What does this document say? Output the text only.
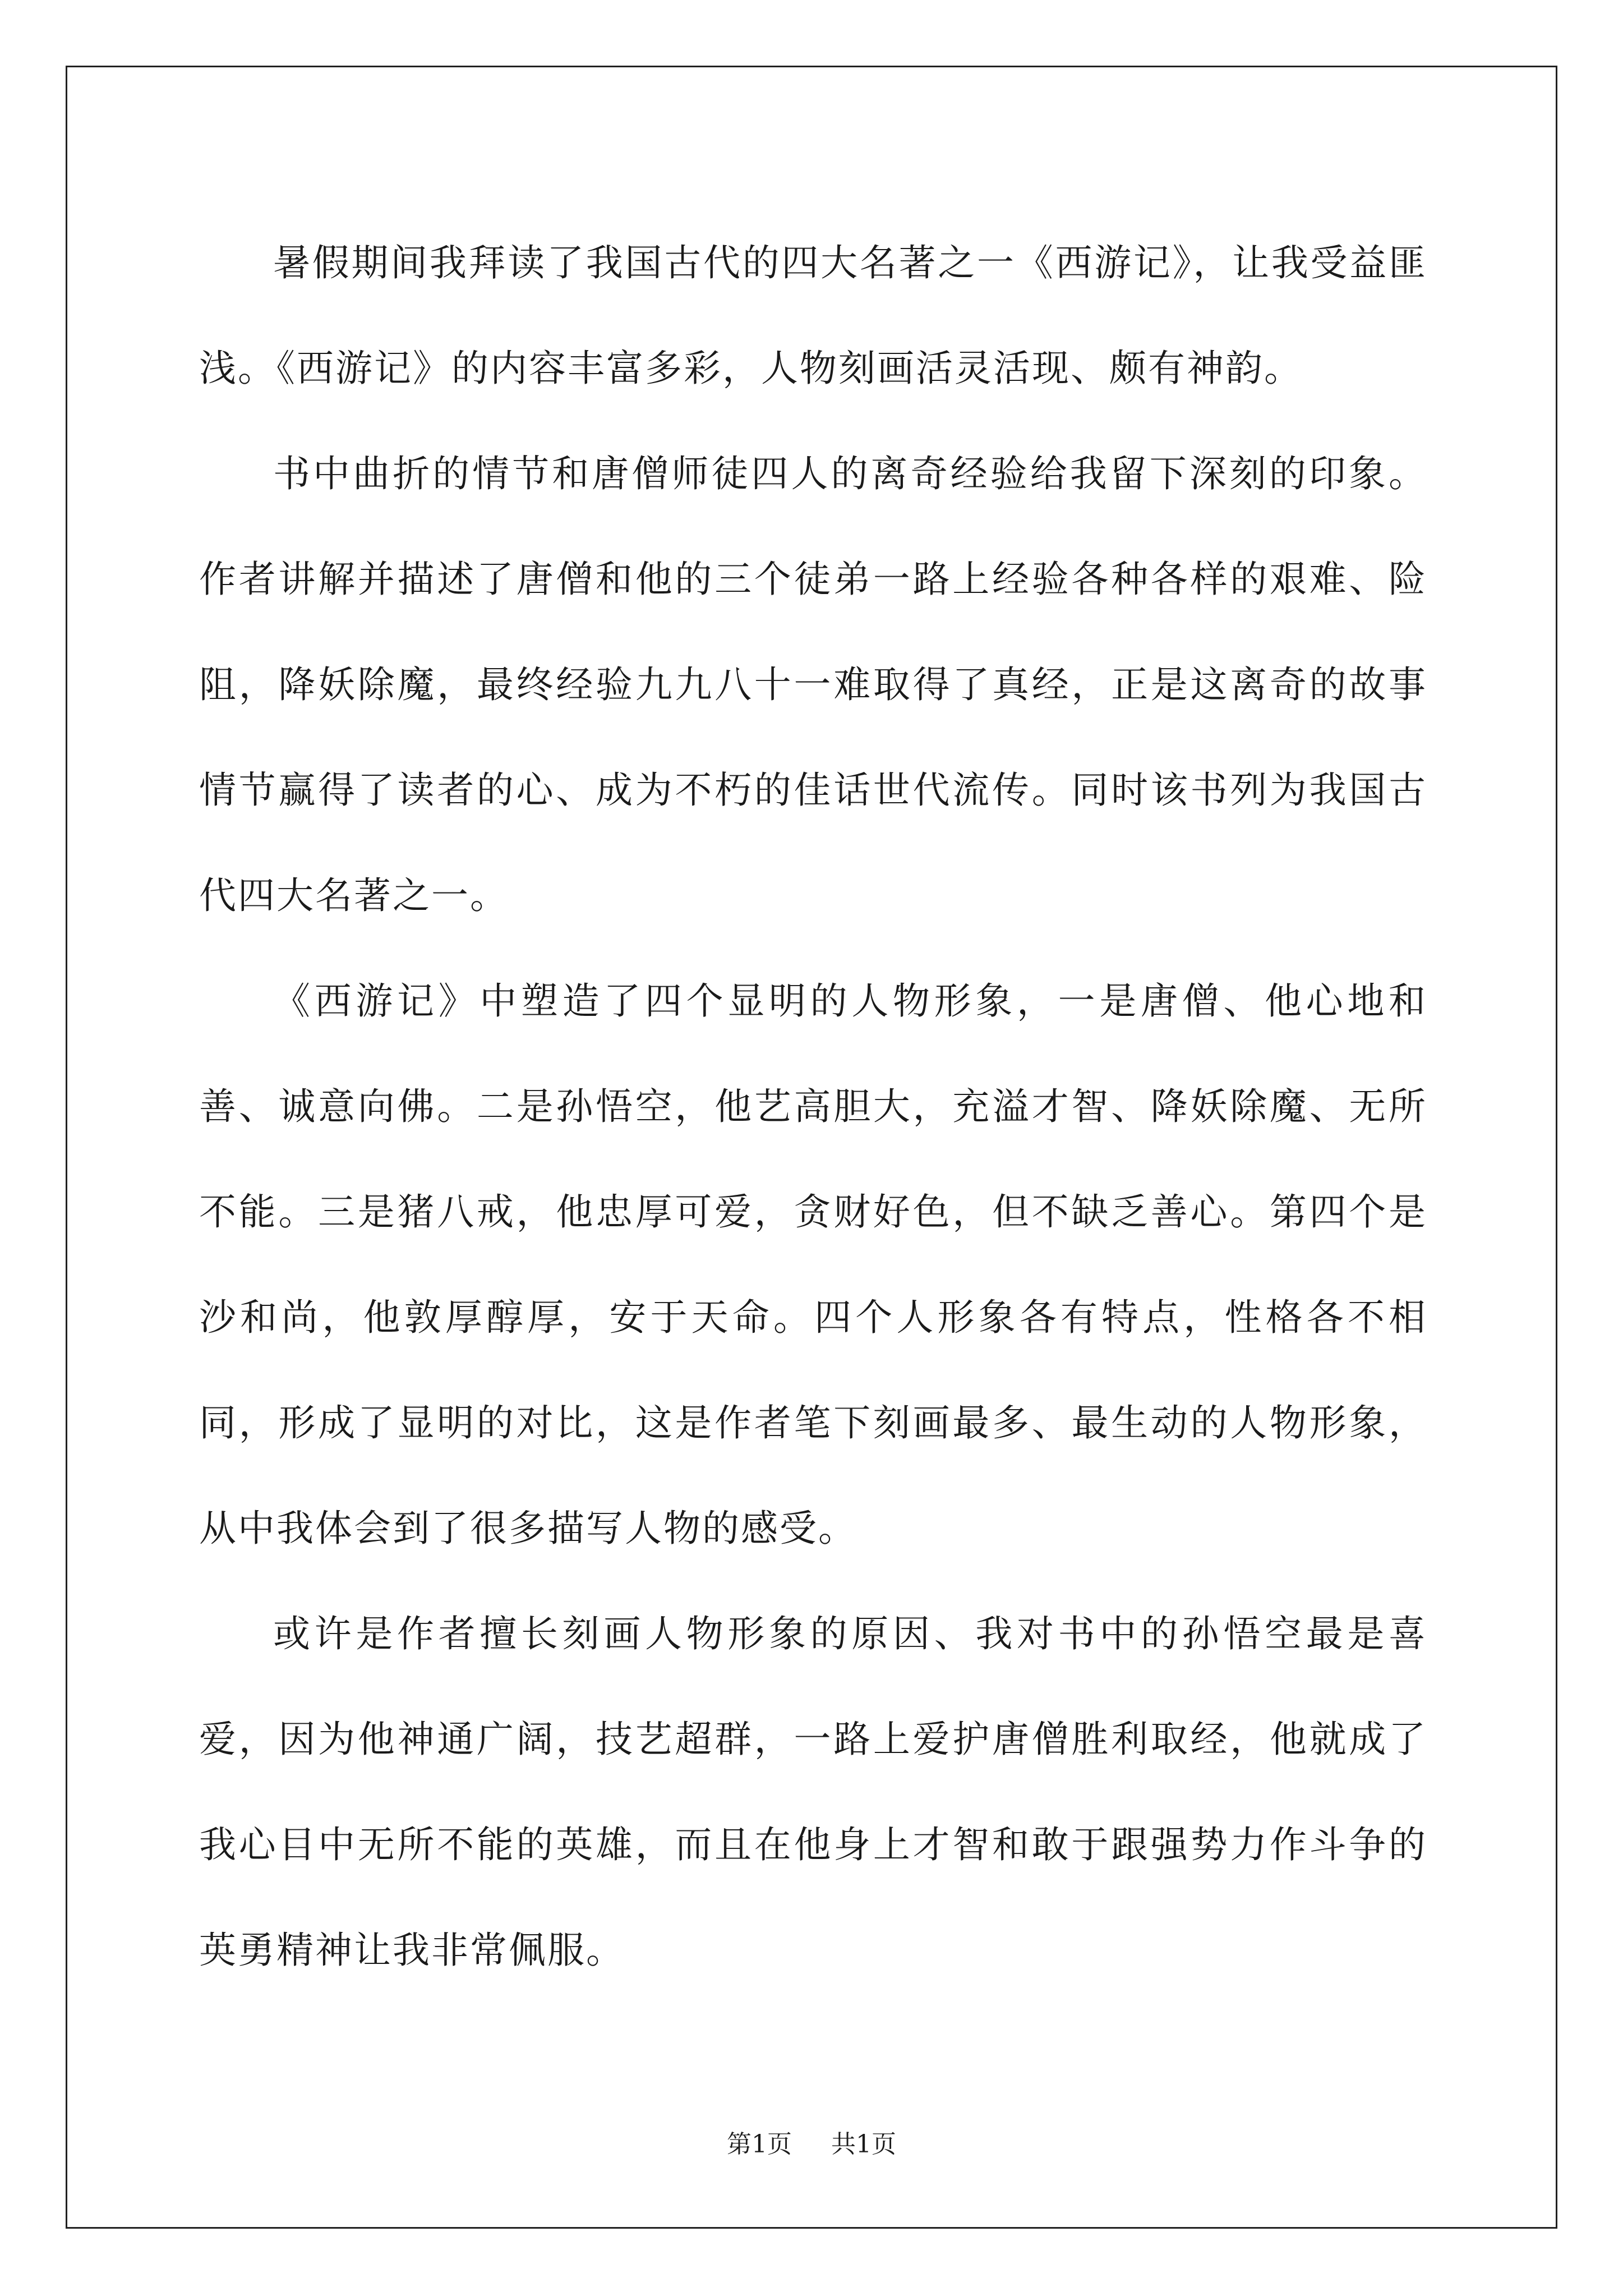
暑假期间我拜读了我国古代的四大名著之一《西游记》，让我受益匪浅。《西游记》的内容丰富多彩，人物刻画活灵活现、颇有神韵。

书中曲折的情节和唐僧师徒四人的离奇经验给我留下深刻的印象。作者讲解并描述了唐僧和他的三个徒弟一路上经验各种各样的艰难、险阻，降妖除魔，最终经验九九八十一难取得了真经，正是这离奇的故事情节赢得了读者的心、成为不朽的佳话世代流传。同时该书列为我国古代四大名著之一。

《西游记》中塑造了四个显明的人物形象，一是唐僧、他心地和善、诚意向佛。二是孙悟空，他艺高胆大，充溢才智、降妖除魔、无所不能。三是猪八戒，他忠厚可爱，贪财好色，但不缺乏善心。第四个是沙和尚，他敦厚醇厚，安于天命。四个人形象各有特点，性格各不相同，形成了显明的对比，这是作者笔下刻画最多、最生动的人物形象，从中我体会到了很多描写人物的感受。

或许是作者擅长刻画人物形象的原因、我对书中的孙悟空最是喜爱，因为他神通广阔，技艺超群，一路上爱护唐僧胜利取经，他就成了我心目中无所不能的英雄，而且在他身上才智和敢于跟强势力作斗争的英勇精神让我非常佩服。

第1页 共1页
